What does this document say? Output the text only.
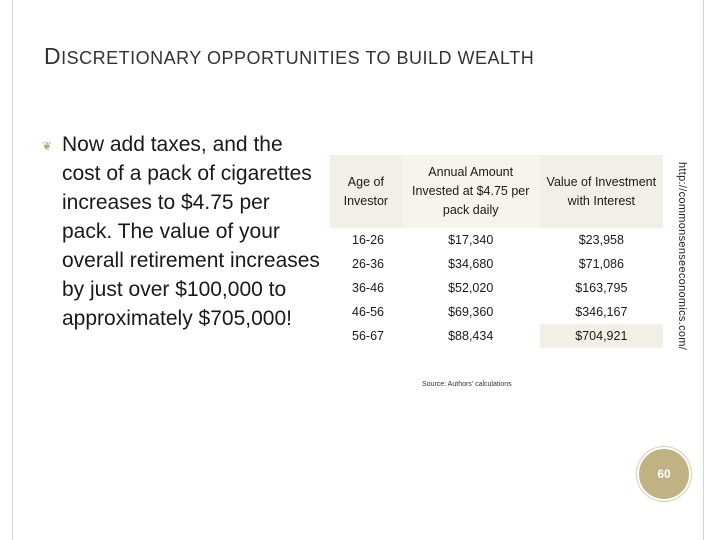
DISCRETIONARY OPPORTUNITIES TO BUILD WEALTH
❦ Now add taxes, and the cost of a pack of cigarettes increases to $4.75 per pack. The value of your overall retirement increases by just over $100,000 to approximately $705,000!
Age of Investor	Annual Amount Invested at $4.75 per pack daily	Value of Investment with Interest
16-26	$17,340	$23,958
26-36	$34,680	$71,086
36-46	$52,020	$163,795
46-56	$69,360	$346,167
56-67	$88,434	$704,921
Source: Authors' calculations
http://commonsenseeconomics.com/
60
